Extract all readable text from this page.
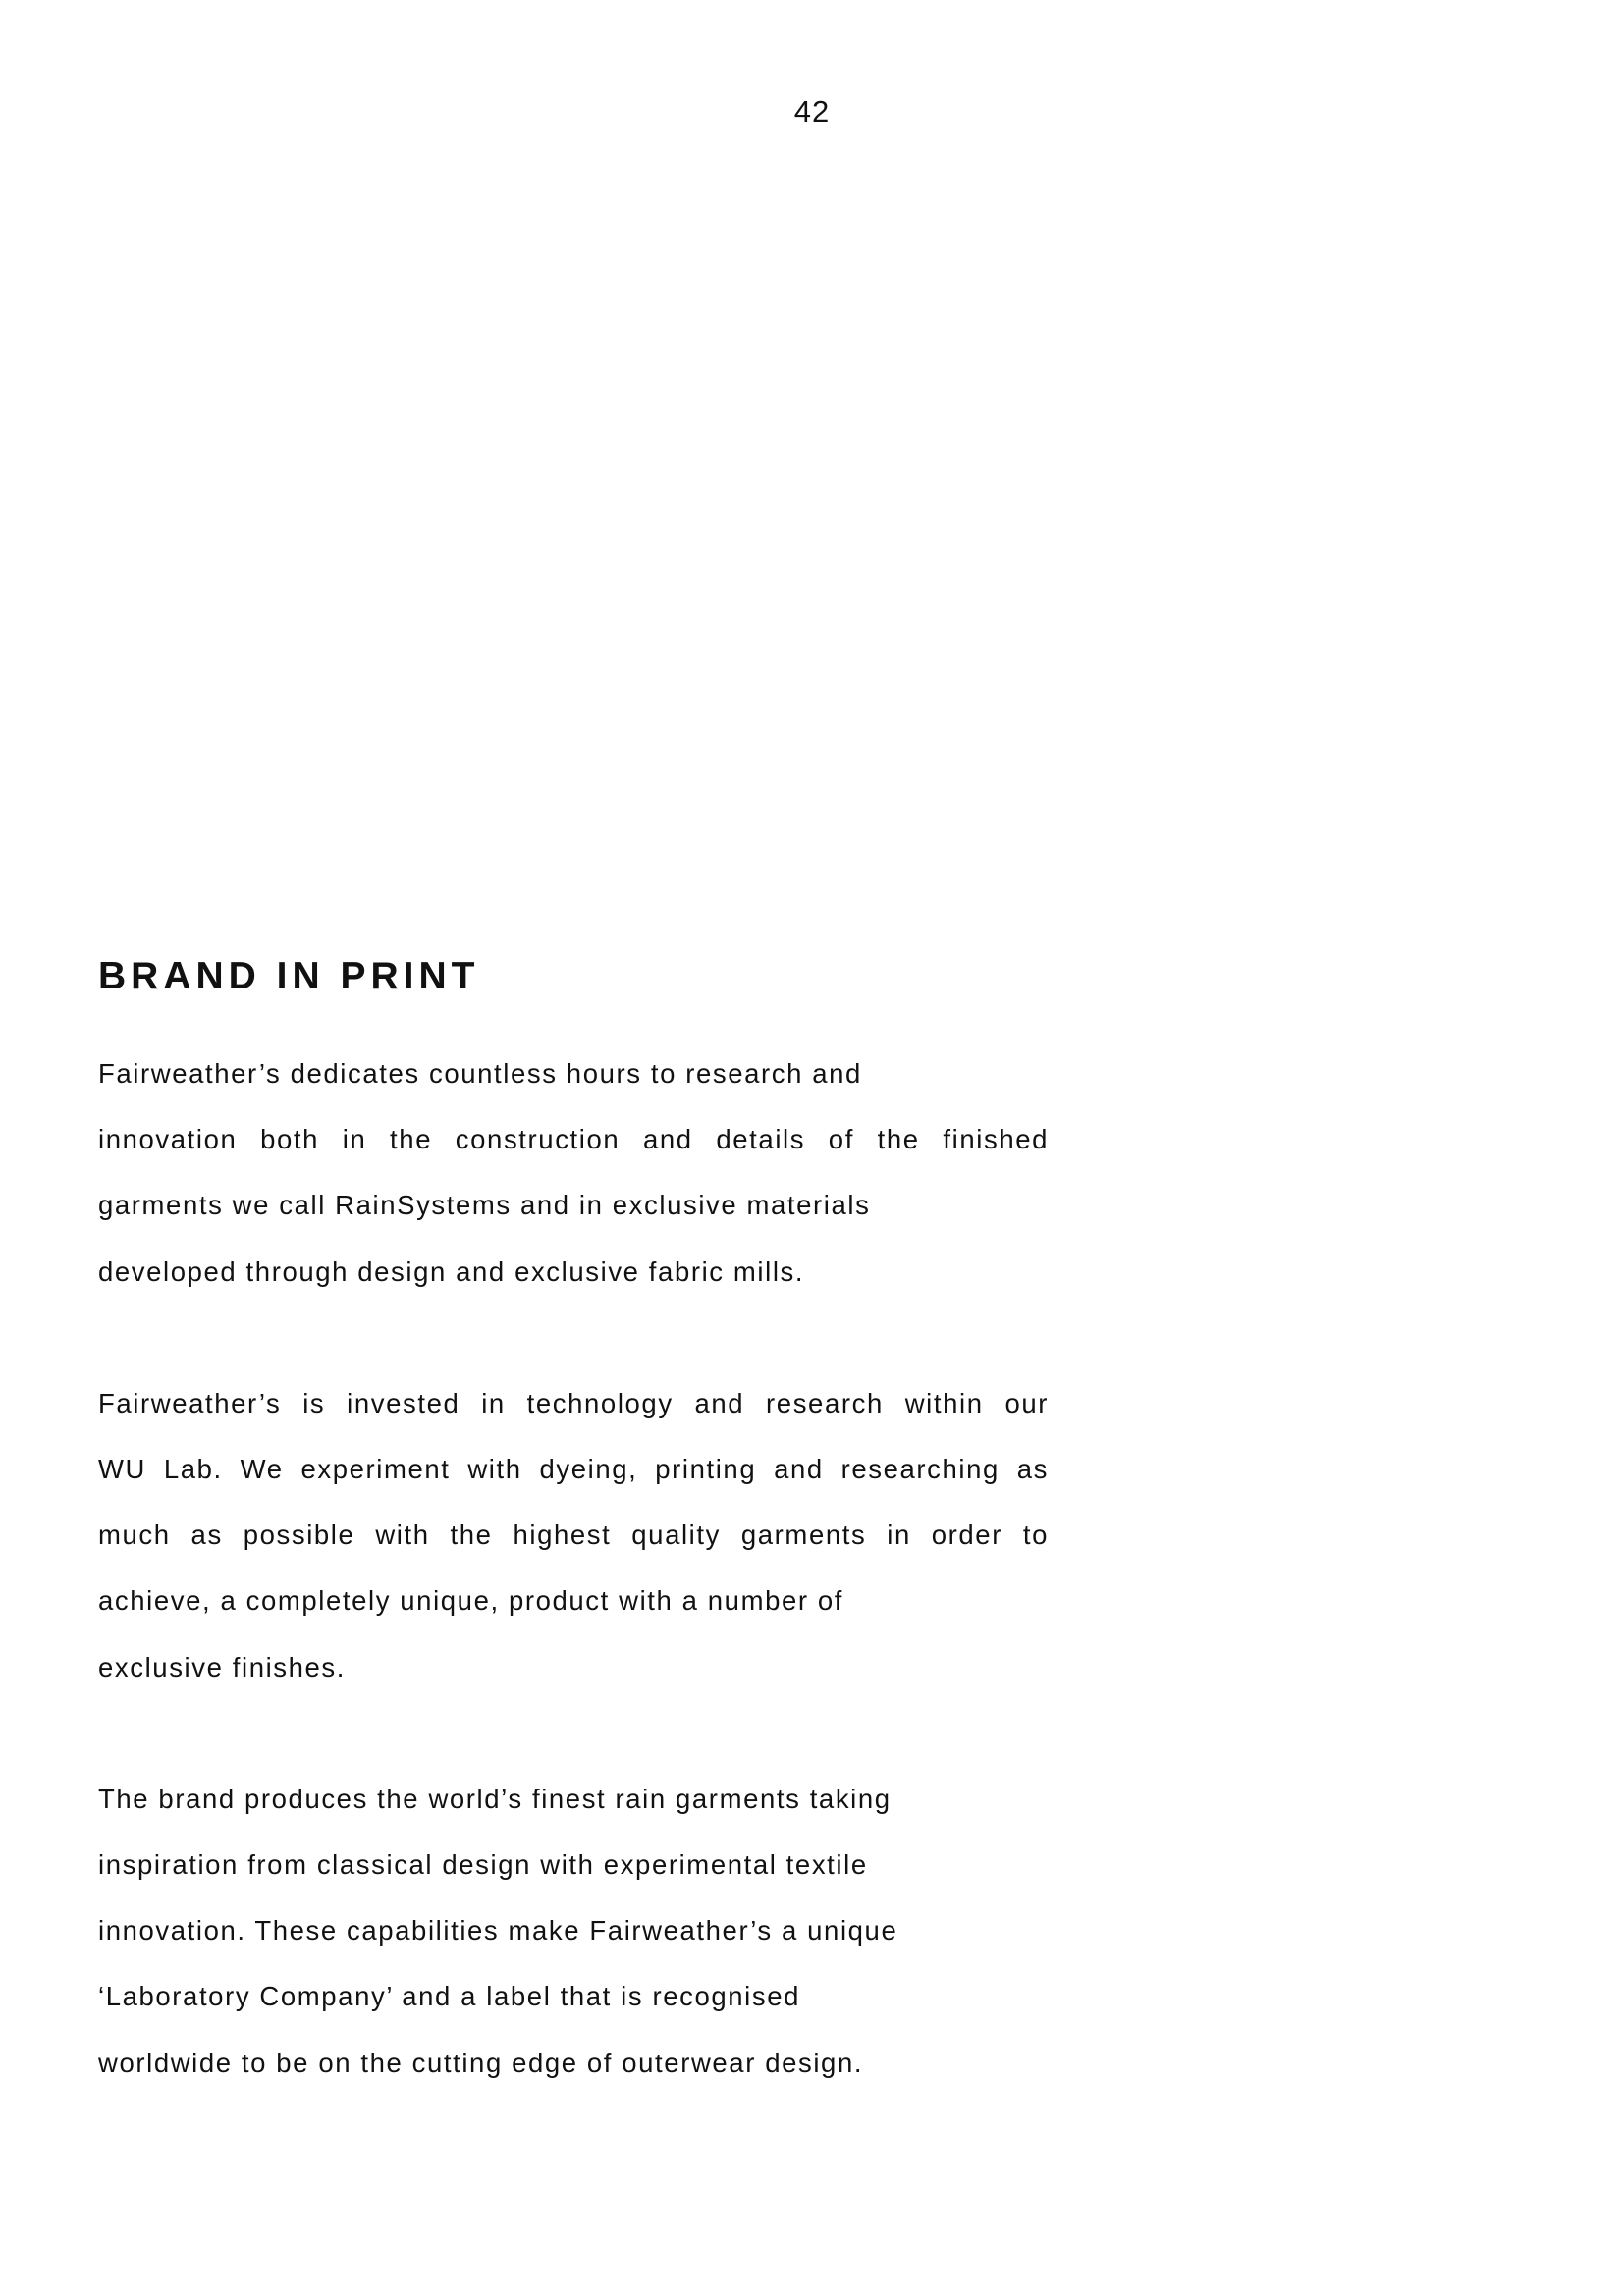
42
BRAND IN PRINT

Fairweather’s dedicates countless hours to research and
innovation both in the construction and details of the finished
garments we call RainSystems and in exclusive materials
developed through design and exclusive fabric mills.

Fairweather’s is invested in technology and research within our
WU Lab. We experiment with dyeing, printing and researching as
much as possible with the highest quality garments in order to
achieve, a completely unique, product with a number of
exclusive finishes.

The brand produces the world’s finest rain garments taking
inspiration from classical design with experimental textile
innovation. These capabilities make Fairweather’s a unique
‘Laboratory Company’ and a label that is recognised
worldwide to be on the cutting edge of outerwear design.
